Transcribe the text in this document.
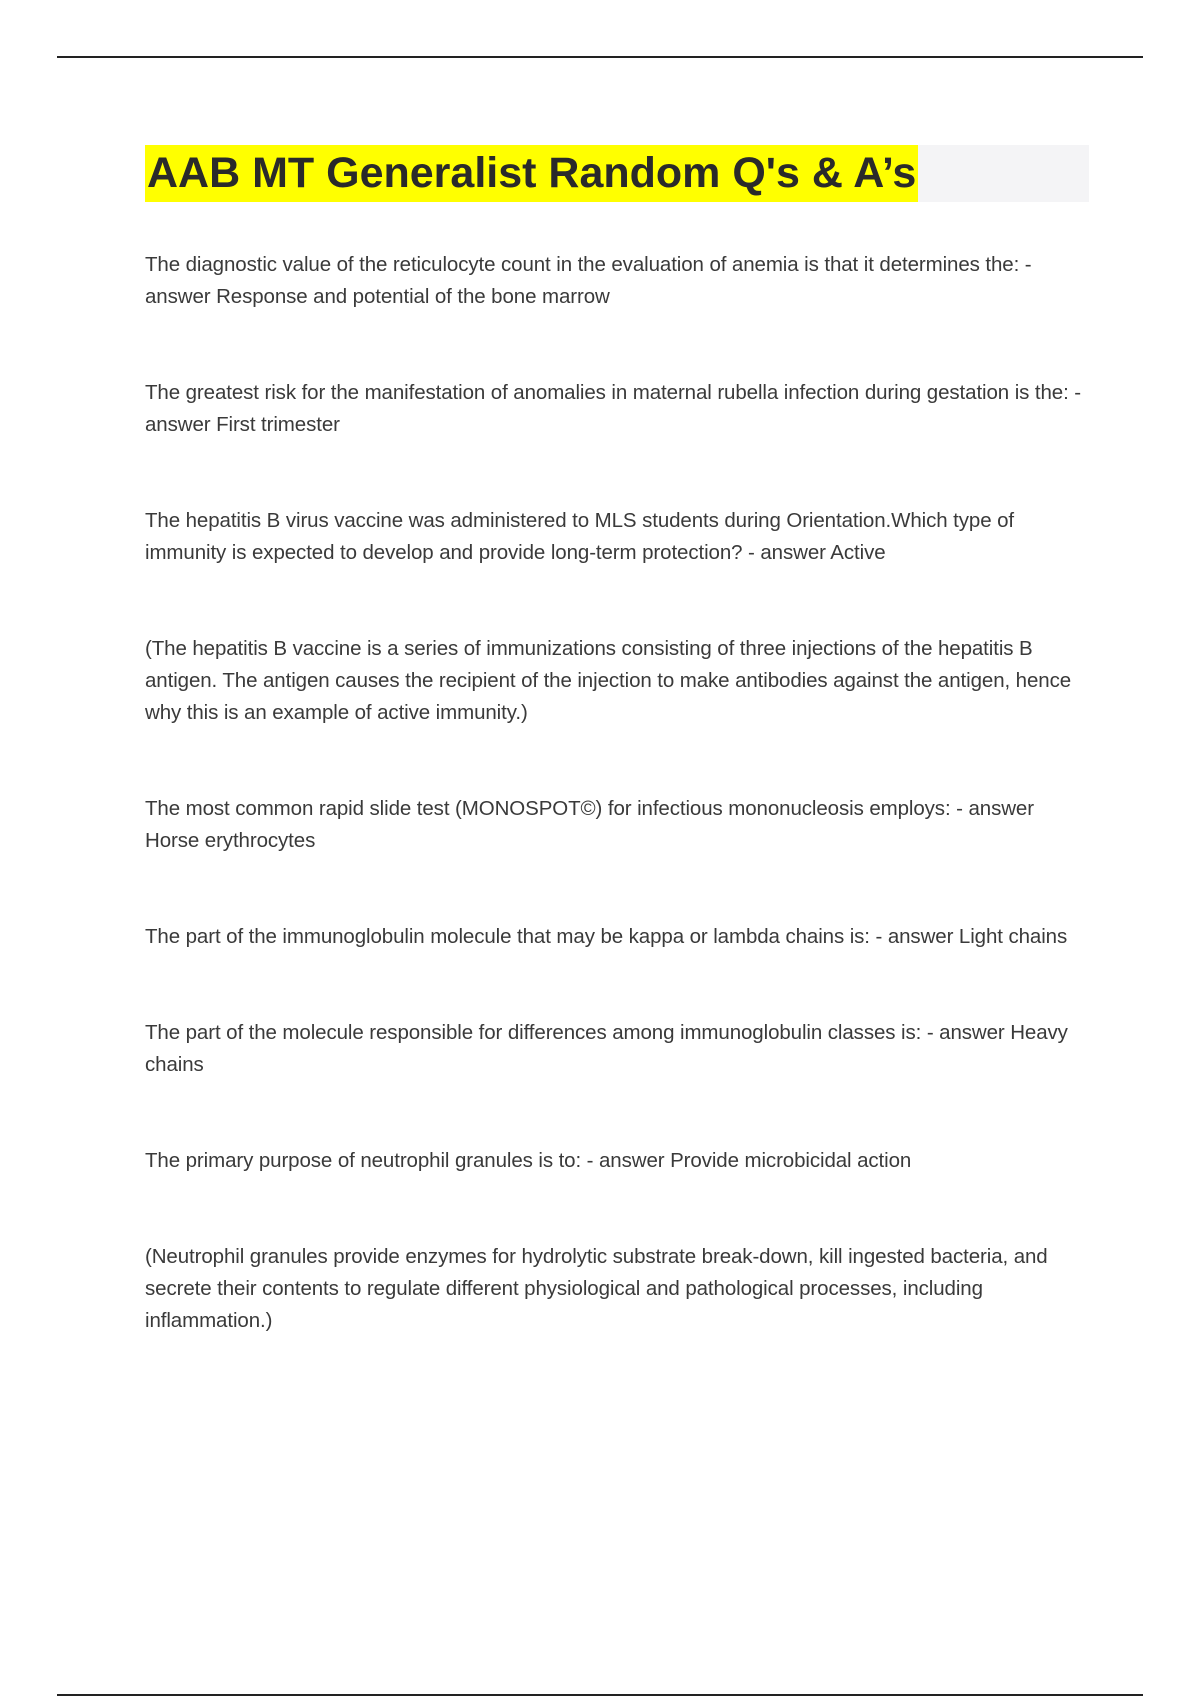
AAB MT Generalist Random Q's & A’s

The diagnostic value of the reticulocyte count in the evaluation of anemia is that it determines the: - answer Response and potential of the bone marrow

The greatest risk for the manifestation of anomalies in maternal rubella infection during gestation is the: - answer First trimester

The hepatitis B virus vaccine was administered to MLS students during Orientation.Which type of immunity is expected to develop and provide long-term protection? - answer Active

(The hepatitis B vaccine is a series of immunizations consisting of three injections of the hepatitis B antigen. The antigen causes the recipient of the injection to make antibodies against the antigen, hence why this is an example of active immunity.)

The most common rapid slide test (MONOSPOT©) for infectious mononucleosis employs: - answer Horse erythrocytes

The part of the immunoglobulin molecule that may be kappa or lambda chains is: - answer Light chains

The part of the molecule responsible for differences among immunoglobulin classes is: - answer Heavy chains

The primary purpose of neutrophil granules is to: - answer Provide microbicidal action

(Neutrophil granules provide enzymes for hydrolytic substrate break-down, kill ingested bacteria, and secrete their contents to regulate different physiological and pathological processes, including inflammation.)
